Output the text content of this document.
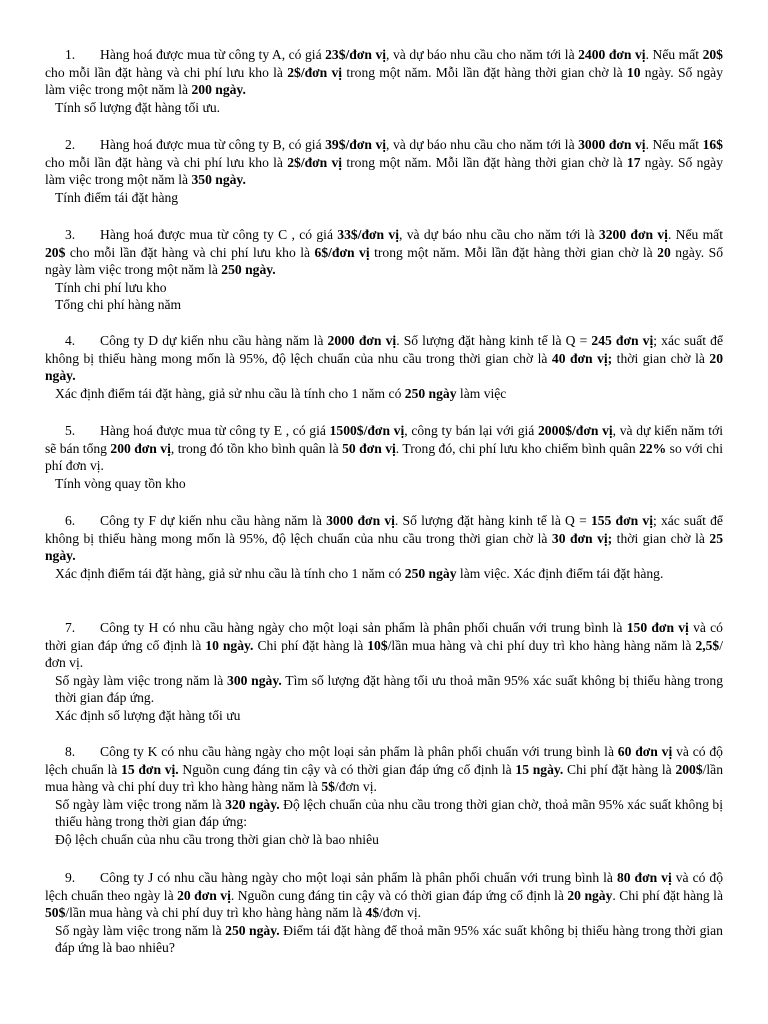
1. Hàng hoá được mua từ công ty A, có giá 23$/đơn vị, và dự báo nhu cầu cho năm tới là 2400 đơn vị. Nếu mất 20$ cho mỗi lần đặt hàng và chi phí lưu kho là 2$/đơn vị trong một năm. Mỗi lần đặt hàng thời gian chờ là 10 ngày. Số ngày làm việc trong một năm là 200 ngày.

Tính số lượng đặt hàng tối ưu.

2. Hàng hoá được mua từ công ty B, có giá 39$/đơn vị, và dự báo nhu cầu cho năm tới là 3000 đơn vị. Nếu mất 16$ cho mỗi lần đặt hàng và chi phí lưu kho là 2$/đơn vị trong một năm. Mỗi lần đặt hàng thời gian chờ là 17 ngày. Số ngày làm việc trong một năm là 350 ngày.

Tính điểm tái đặt hàng

3. Hàng hoá được mua từ công ty C , có giá 33$/đơn vị, và dự báo nhu cầu cho năm tới là 3200 đơn vị. Nếu mất 20$ cho mỗi lần đặt hàng và chi phí lưu kho là 6$/đơn vị trong một năm. Mỗi lần đặt hàng thời gian chờ là 20 ngày. Số ngày làm việc trong một năm là 250 ngày.

Tính chi phí lưu kho

Tổng chi phí hàng năm

4. Công ty D dự kiến nhu cầu hàng năm là 2000 đơn vị. Số lượng đặt hàng kinh tế là Q = 245 đơn vị; xác suất để không bị thiếu hàng mong mốn là 95%, độ lệch chuẩn của nhu cầu trong thời gian chờ là 40 đơn vị; thời gian chờ là 20 ngày.

Xác định điểm tái đặt hàng, giả sử nhu cầu là tính cho 1 năm có 250 ngày làm việc

5. Hàng hoá được mua từ công ty E , có giá 1500$/đơn vị, công ty bán lại với giá 2000$/đơn vị, và dự kiến năm tới sẽ bán tổng 200 đơn vị, trong đó tồn kho bình quân là 50 đơn vị. Trong đó, chi phí lưu kho chiếm bình quân 22% so với chi phí đơn vị.

Tính vòng quay tồn kho

6. Công ty F dự kiến nhu cầu hàng năm là 3000 đơn vị. Số lượng đặt hàng kinh tế là Q = 155 đơn vị; xác suất để không bị thiếu hàng mong mốn là 95%, độ lệch chuẩn của nhu cầu trong thời gian chờ là 30 đơn vị; thời gian chờ là 25 ngày.

Xác định điểm tái đặt hàng, giả sử nhu cầu là tính cho 1 năm có 250 ngày làm việc. Xác định điểm tái đặt hàng.

7. Công ty H có nhu cầu hàng ngày cho một loại sản phẩm là phân phối chuẩn với trung bình là 150 đơn vị và có thời gian đáp ứng cố định là 10 ngày. Chi phí đặt hàng là 10$/lần mua hàng và chi phí duy trì kho hàng hàng năm là 2,5$/đơn vị.

Số ngày làm việc trong năm là 300 ngày. Tìm số lượng đặt hàng tối ưu thoả mãn 95% xác suất không bị thiếu hàng trong thời gian đáp ứng.

Xác định số lượng đặt hàng tối ưu

8. Công ty K có nhu cầu hàng ngày cho một loại sản phẩm là phân phối chuẩn với trung bình là 60 đơn vị và có độ lệch chuẩn là 15 đơn vị. Nguồn cung đáng tin cậy và có thời gian đáp ứng cố định là 15 ngày. Chi phí đặt hàng là 200$/lần mua hàng và chi phí duy trì kho hàng hàng năm là 5$/đơn vị.

Số ngày làm việc trong năm là 320 ngày. Độ lệch chuẩn của nhu cầu trong thời gian chờ, thoả mãn 95% xác suất không bị thiếu hàng trong thời gian đáp ứng:

Độ lệch chuẩn của nhu cầu trong thời gian chờ là bao nhiêu

9. Công ty J có nhu cầu hàng ngày cho một loại sản phẩm là phân phối chuẩn với trung bình là 80 đơn vị và có độ lệch chuẩn theo ngày là 20 đơn vị. Nguồn cung đáng tin cậy và có thời gian đáp ứng cố định là 20 ngày. Chi phí đặt hàng là 50$/lần mua hàng và chi phí duy trì kho hàng hàng năm là 4$/đơn vị.

Số ngày làm việc trong năm là 250 ngày. Điểm tái đặt hàng để thoả mãn 95% xác suất không bị thiếu hàng trong thời gian đáp ứng là bao nhiêu?
